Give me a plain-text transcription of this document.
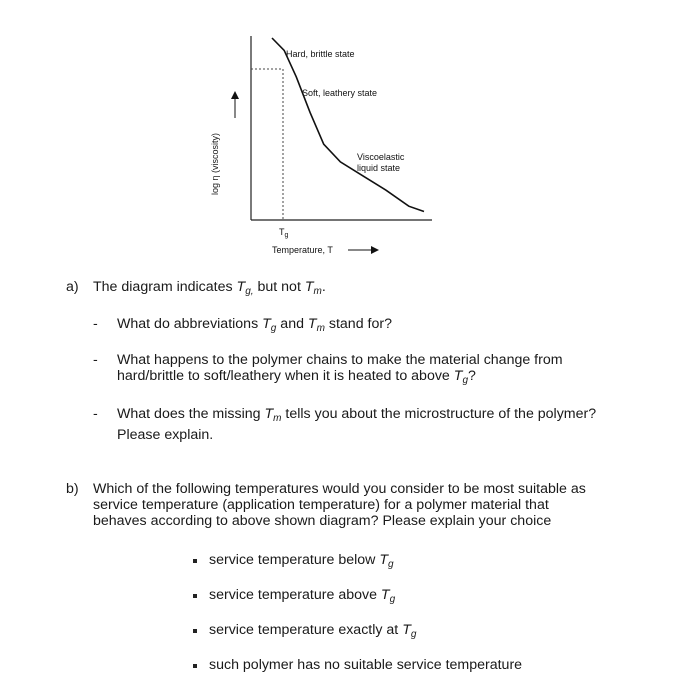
Hard, brittle state
Soft, leathery state
Viscoelastic
liquid state
$T_g$
Temperature, T
log η (viscosity)
a) The diagram indicates $T_{g,}$ but not $T_m$.
- What do abbreviations $T_g$ and $T_m$ stand for?
- What happens to the polymer chains to make the material change from
hard/brittle to soft/leathery when it is heated to above $T_g$?
- What does the missing $T_m$ tells you about the microstructure of the polymer?
Please explain.
b) Which of the following temperatures would you consider to be most suitable as
service temperature (application temperature) for a polymer material that
behaves according to above shown diagram? Please explain your choice
service temperature below $T_g$
service temperature above $T_g$
service temperature exactly at $T_g$
such polymer has no suitable service temperature
